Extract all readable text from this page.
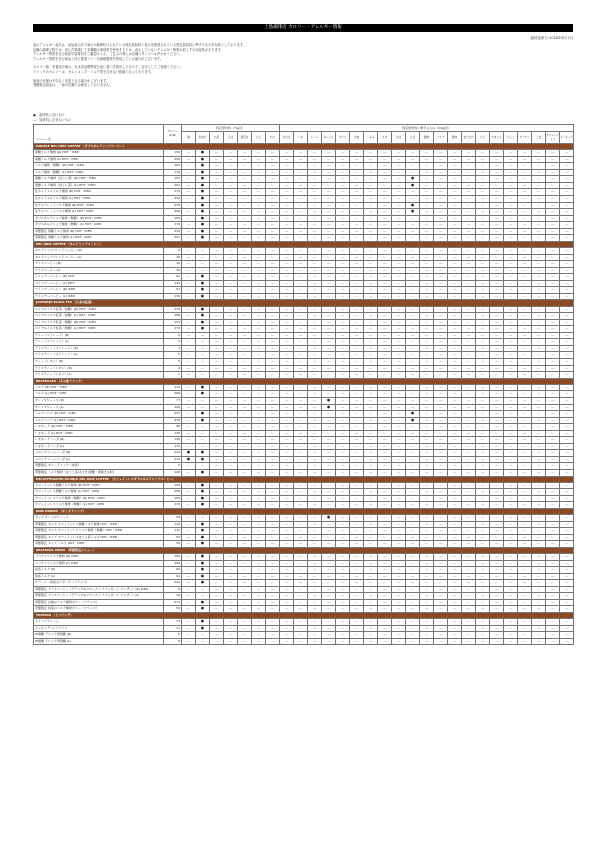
上島珈琲店 カロリー・アレルギー情報
最終更新日 2018年8月1日

表示アレルギー品目は、食品表示法で表示が義務付けられている特定原材料と表示を推奨されている特定原材料に準ずるものを対象としております。

店舗の調理工程では、同じ作業場にて多種類の原材料を使用するため、表示していないアレルギー物質が混入する可能性があります。

アレルギー物質を含む商品や原材料をご確認のうえ、ご注文の際には店舗スタッフへお声かけください。

アレルギー物質を含む商品と同じ製造ラインや調理器具を使用している場合がございます。

カロリー値・栄養成分値は、日本食品標準成分表に基づき算出したもので、目安としてご参照ください。

ドリンクのカロリーは、ガムシロップ・ミルク等を含まない数値となっております。

商品の仕様は予告なく変更となる場合がございます。

季節限定商品は、一部の店舗では販売しておりません。

●　原材料に含むもの
―　原材料に含まないもの
メニュー名	カロリー (kcal)	特定原材料（7品目）							特定原材料に準ずるもの（20品目）																				
		卵	乳成分	小麦	そば	落花生	えび	かに	あわび	いか	いくら	オレンジ	キウイ	牛肉	くるみ	さけ	さば	大豆	鶏肉	バナナ	豚肉	まつたけ	もも	やまいも	りんご	ゼラチン	ごま	カシューナッツ	アーモンド
DOUBLE NEL DRIP COFFEE （ダブルネルドリップコーヒー）																													
黒糖ミルク珈琲 (R) HOT・ICED	150	―	●	―	―	―	―	―	―	―	―	―	―	―	―	―	―	―	―	―	―	―	―	―	―	―	―	―	―
黒糖ミルク珈琲 (L) HOT・ICED	256	―	●	―	―	―	―	―	―	―	―	―	―	―	―	―	―	―	―	―	―	―	―	―	―	―	―	―	―
ミルク珈琲（無糖）(R) HOT・ICED	105	―	●	―	―	―	―	―	―	―	―	―	―	―	―	―	―	―	―	―	―	―	―	―	―	―	―	―	―
ミルク珈琲（無糖）(L) HOT・ICED	176	―	●	―	―	―	―	―	―	―	―	―	―	―	―	―	―	―	―	―	―	―	―	―	―	―	―	―	―
黒糖ミルク珈琲（ほうじ茶）(R) HOT・ICED	151	―	●	―	―	―	―	―	―	―	―	―	―	―	―	―	―	●	―	―	―	―	―	―	―	―	―	―	―
黒糖ミルク珈琲（ほうじ茶）(L) HOT・ICED	252	―	●	―	―	―	―	―	―	―	―	―	―	―	―	―	―	●	―	―	―	―	―	―	―	―	―	―	―
生キャラメルミルク珈琲 (R) HOT・ICED	270	―	●	―	―	―	―	―	―	―	―	―	―	―	―	―	―	―	―	―	―	―	―	―	―	―	―	―	―
生キャラメルミルク珈琲 (L) HOT・ICED	442	―	●	―	―	―	―	―	―	―	―	―	―	―	―	―	―	―	―	―	―	―	―	―	―	―	―	―	―
生チョコレートミルク珈琲 (R) HOT・ICED	276	―	●	―	―	―	―	―	―	―	―	―	―	―	―	―	―	●	―	―	―	―	―	―	―	―	―	―	―
生チョコレートミルク珈琲 (L) HOT・ICED	446	―	●	―	―	―	―	―	―	―	―	―	―	―	―	―	―	●	―	―	―	―	―	―	―	―	―	―	―
ダブルネルドリップ珈琲（無糖）(R) HOT・ICED	105	―	●	―	―	―	―	―	―	―	―	―	―	―	―	―	―	―	―	―	―	―	―	―	―	―	―	―	―
ダブルネルドリップ珈琲（無糖）(L) HOT・ICED	176	―	●	―	―	―	―	―	―	―	―	―	―	―	―	―	―	―	―	―	―	―	―	―	―	―	―	―	―
季節限定 黒糖ミルク珈琲 (R) HOT・ICED	215	―	●	―	―	―	―	―	―	―	―	―	―	―	―	―	―	―	―	―	―	―	―	―	―	―	―	―	―
季節限定 黒糖ミルク珈琲 (L) HOT・ICED	347	―	●	―	―	―	―	―	―	―	―	―	―	―	―	―	―	―	―	―	―	―	―	―	―	―	―	―	―
NEL DRIP COFFEE （ネルドリップコーヒー）																													
ネルドリップブレンドコーヒー (R)	9	―	―	―	―	―	―	―	―	―	―	―	―	―	―	―	―	―	―	―	―	―	―	―	―	―	―	―	―
ネルドリップブレンドコーヒー (L)	16	―	―	―	―	―	―	―	―	―	―	―	―	―	―	―	―	―	―	―	―	―	―	―	―	―	―	―	―
アイスコーヒー (R)	10	―	―	―	―	―	―	―	―	―	―	―	―	―	―	―	―	―	―	―	―	―	―	―	―	―	―	―	―
アイスコーヒー (L)	16	―	―	―	―	―	―	―	―	―	―	―	―	―	―	―	―	―	―	―	―	―	―	―	―	―	―	―	―
ウインナーコーヒー (R) HOT	92	―	●	―	―	―	―	―	―	―	―	―	―	―	―	―	―	―	―	―	―	―	―	―	―	―	―	―	―
ウインナーコーヒー (L) HOT	141	―	●	―	―	―	―	―	―	―	―	―	―	―	―	―	―	―	―	―	―	―	―	―	―	―	―	―	―
ウインナーコーヒー (R) ICED	91	―	●	―	―	―	―	―	―	―	―	―	―	―	―	―	―	―	―	―	―	―	―	―	―	―	―	―	―
ウインナーコーヒー (L) ICED	136	―	●	―	―	―	―	―	―	―	―	―	―	―	―	―	―	―	―	―	―	―	―	―	―	―	―	―	―
JAPANESE BLACK TEA （日本の紅茶）																													
ロイヤルミルク紅茶（加糖）(R) HOT・ICED	130	―	●	―	―	―	―	―	―	―	―	―	―	―	―	―	―	―	―	―	―	―	―	―	―	―	―	―	―
ロイヤルミルク紅茶（加糖）(L) HOT・ICED	198	―	●	―	―	―	―	―	―	―	―	―	―	―	―	―	―	―	―	―	―	―	―	―	―	―	―	―	―
ロイヤルミルク紅茶（無糖）(R) HOT・ICED	103	―	●	―	―	―	―	―	―	―	―	―	―	―	―	―	―	―	―	―	―	―	―	―	―	―	―	―	―
ロイヤルミルク紅茶（無糖）(L) HOT・ICED	170	―	●	―	―	―	―	―	―	―	―	―	―	―	―	―	―	―	―	―	―	―	―	―	―	―	―	―	―
ティー（ストレート）(R)	2	―	―	―	―	―	―	―	―	―	―	―	―	―	―	―	―	―	―	―	―	―	―	―	―	―	―	―	―
ティー（ストレート）(L)	3	―	―	―	―	―	―	―	―	―	―	―	―	―	―	―	―	―	―	―	―	―	―	―	―	―	―	―	―
アイスティー（ストレート）(R)	3	―	―	―	―	―	―	―	―	―	―	―	―	―	―	―	―	―	―	―	―	―	―	―	―	―	―	―	―
アイスティー（ストレート）(L)	5	―	―	―	―	―	―	―	―	―	―	―	―	―	―	―	―	―	―	―	―	―	―	―	―	―	―	―	―
ティー（レモン）(R)	6	―	―	―	―	―	―	―	―	―	―	―	―	―	―	―	―	―	―	―	―	―	―	―	―	―	―	―	―
アイスティー（レモン）(R)	4	―	―	―	―	―	―	―	―	―	―	―	―	―	―	―	―	―	―	―	―	―	―	―	―	―	―	―	―
アイスティー（レモン）(L)	7	―	―	―	―	―	―	―	―	―	―	―	―	―	―	―	―	―	―	―	―	―	―	―	―	―	―	―	―
BEVERAGES （その他ドリンク）																													
ミルク (R) HOT・ICED	112	―	●	―	―	―	―	―	―	―	―	―	―	―	―	―	―	―	―	―	―	―	―	―	―	―	―	―	―
ミルク (L) HOT・ICED	206	―	●	―	―	―	―	―	―	―	―	―	―	―	―	―	―	―	―	―	―	―	―	―	―	―	―	―	―
オレンジジュース (R)	77	―	―	―	―	―	―	―	―	―	―	●	―	―	―	―	―	―	―	―	―	―	―	―	―	―	―	―	―
オレンジジュース (L)	126	―	―	―	―	―	―	―	―	―	―	●	―	―	―	―	―	―	―	―	―	―	―	―	―	―	―	―	―
ミルクココア (R) HOT・ICED	237	―	●	―	―	―	―	―	―	―	―	―	―	―	―	―	―	●	―	―	―	―	―	―	―	―	―	―	―
ミルクココア (L) HOT・ICED	478	―	●	―	―	―	―	―	―	―	―	―	―	―	―	―	―	●	―	―	―	―	―	―	―	―	―	―	―
レモネード (R) HOT・ICED	90	―	―	―	―	―	―	―	―	―	―	―	―	―	―	―	―	―	―	―	―	―	―	―	―	―	―	―	―
レモネード (L) HOT・ICED	135	―	―	―	―	―	―	―	―	―	―	―	―	―	―	―	―	―	―	―	―	―	―	―	―	―	―	―	―
レモネードソーダ (R)	126	―	―	―	―	―	―	―	―	―	―	―	―	―	―	―	―	―	―	―	―	―	―	―	―	―	―	―	―
レモネードソーダ (L)	172	―	―	―	―	―	―	―	―	―	―	―	―	―	―	―	―	―	―	―	―	―	―	―	―	―	―	―	―
メロンクリームソーダ (R)	216	●	●	―	―	―	―	―	―	―	―	―	―	―	―	―	―	―	―	―	―	―	―	―	―	―	―	―	―
メロンクリームソーダ (L)	212	●	●	―	―	―	―	―	―	―	―	―	―	―	―	―	―	―	―	―	―	―	―	―	―	―	―	―	―
季節限定 ゼリードリンク（抹茶）	0	―	―	―	―	―	―	―	―	―	―	―	―	―	―	―	―	―	―	―	―	―	―	―	―	―	―	―	―
季節限定 ミルク珈琲（ほうじ茶/あずき/黒糖・黒蜜きな粉）	146	―	●	―	―	―	―	―	―	―	―	―	―	―	―	―	―	―	―	―	―	―	―	―	―	―	―	―	―
DECAFFEINATED DOUBLE NEL DRIP COFFEE （カフェインレスダブルネルドリップコーヒー）																													
カフェインレス黒糖ミルク珈琲 (R) HOT・ICED	150	―	●	―	―	―	―	―	―	―	―	―	―	―	―	―	―	―	―	―	―	―	―	―	―	―	―	―	―
カフェインレス黒糖ミルク珈琲 (L) HOT・ICED	256	―	●	―	―	―	―	―	―	―	―	―	―	―	―	―	―	―	―	―	―	―	―	―	―	―	―	―	―
カフェインレスミルク珈琲（無糖）(R) HOT・ICED	105	―	●	―	―	―	―	―	―	―	―	―	―	―	―	―	―	―	―	―	―	―	―	―	―	―	―	―	―
カフェインレスミルク珈琲（無糖）(L) HOT・ICED	176	―	●	―	―	―	―	―	―	―	―	―	―	―	―	―	―	―	―	―	―	―	―	―	―	―	―	―	―
KIDS DRINKS （キッズドリンク）																													
キッズ オレンジジュース	56	―	―	―	―	―	―	―	―	―	―	●	―	―	―	―	―	―	―	―	―	―	―	―	―	―	―	―	―
季節限定 キッズ カフェインレス黒糖ミルク珈琲 HOT・ICED	112	―	●	―	―	―	―	―	―	―	―	―	―	―	―	―	―	―	―	―	―	―	―	―	―	―	―	―	―
季節限定 キッズ カフェインレスミルク珈琲（無糖）HOT・ICED	112	―	●	―	―	―	―	―	―	―	―	―	―	―	―	―	―	―	―	―	―	―	―	―	―	―	―	―	―
季節限定 キッズ カフェインレスほうじ茶ミルク HOT・ICED	50	―	●	―	―	―	―	―	―	―	―	―	―	―	―	―	―	―	―	―	―	―	―	―	―	―	―	―	―
季節限定 キッズ ミルク HOT・ICED	56	―	●	―	―	―	―	―	―	―	―	―	―	―	―	―	―	―	―	―	―	―	―	―	―	―	―	―	―
SEASONAL MENU （季節限定メニュー）																													
ココナッツミルク珈琲 (R) ICED	150	―	●	―	―	―	―	―	―	―	―	―	―	―	―	―	―	―	―	―	―	―	―	―	―	―	―	―	―
ココナッツミルク珈琲 (L) ICED	306	―	●	―	―	―	―	―	―	―	―	―	―	―	―	―	―	―	―	―	―	―	―	―	―	―	―	―	―
抹茶ミルク (R)	90	―	●	―	―	―	―	―	―	―	―	―	―	―	―	―	―	―	―	―	―	―	―	―	―	―	―	―	―
抹茶ミルク (L)	91	―	●	―	―	―	―	―	―	―	―	―	―	―	―	―	―	―	―	―	―	―	―	―	―	―	―	―	―
チラーノ・抹茶のアポーテ（フラッペ）	241	―	●	―	―	―	―	―	―	―	―	―	―	―	―	―	―	―	―	―	―	―	―	―	―	―	―	―	―
季節限定 アイスコーヒー（グラニテ&フローズン アフォガート ケンザー）(R) ICED	0	―	―	―	―	―	―	―	―	―	―	―	―	―	―	―	―	―	―	―	―	―	―	―	―	―	―	―	―
季節限定 アイスコーヒー（グラニテ&フローズン アフォガート ケンザー）(L)	16	―	―	―	―	―	―	―	―	―	―	―	―	―	―	―	―	―	―	―	―	―	―	―	―	―	―	―	―
季節限定 白桃のミルク珈琲ゼリー（フラッペ）	271	―	●	―	―	―	―	―	―	―	―	―	―	―	―	―	―	―	―	―	―	―	―	―	―	―	―	―	―
季節限定 抹茶のミルク珈琲ゼリー（フラッペ）	56	―	●	―	―	―	―	―	―	―	―	―	―	―	―	―	―	―	―	―	―	―	―	―	―	―	―	―	―
TOPPING （トッピング）																													
ホイップクリーム	73	―	●	―	―	―	―	―	―	―	―	―	―	―	―	―	―	―	―	―	―	―	―	―	―	―	―	―	―
トッピングバニラアイス	11	―	●	―	―	―	―	―	―	―	―	―	―	―	―	―	―	―	―	―	―	―	―	―	―	―	―	―	―
W黒糖 ドリンク用黒糖 (R)	6	―	―	―	―	―	―	―	―	―	―	―	―	―	―	―	―	―	―	―	―	―	―	―	―	―	―	―	―
W黒糖 ドリンク用黒糖 (L)	8	―	―	―	―	―	―	―	―	―	―	―	―	―	―	―	―	―	―	―	―	―	―	―	―	―	―	―	―
